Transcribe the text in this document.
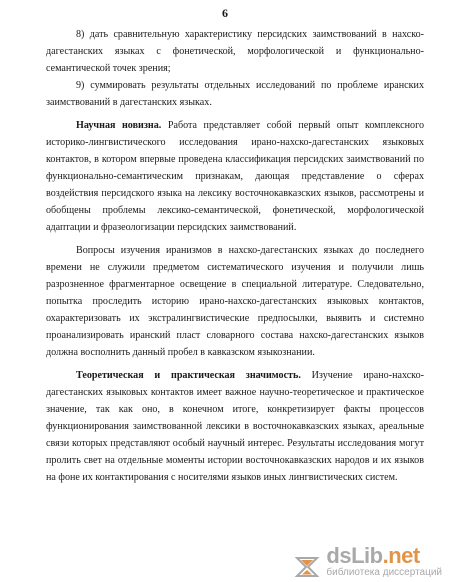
6

8) дать сравнительную характеристику персидских заимствований в нахско-дагестанских языках с фонетической, морфологической и функционально-семантической точек зрения;

9) суммировать результаты отдельных исследований по проблеме иранских заимствований в дагестанских языках.

Научная новизна. Работа представляет собой первый опыт комплексного историко-лингвистического исследования ирано-нахско-дагестанских языковых контактов, в котором впервые проведена классификация персидских заимствований по функционально-семантическим признакам, дающая представление о сферах воздействия персидского языка на лексику восточнокавказских языков, рассмотрены и обобщены проблемы лексико-семантической, фонетической, морфологической адаптации и фразеологизации персидских заимствований.

Вопросы изучения иранизмов в нахско-дагестанских языках до последнего времени не служили предметом систематического изучения и получили лишь разрозненное фрагментарное освещение в специальной литературе. Следовательно, попытка проследить историю ирано-нахско-дагестанских языковых контактов, охарактеризовать их экстралингвистические предпосылки, выявить и системно проанализировать иранский пласт словарного состава нахско-дагестанских языков должна восполнить данный пробел в кавказском языкознании.

Теоретическая и практическая значимость. Изучение ирано-нахско-дагестанских языковых контактов имеет важное научно-теоретическое и практическое значение, так как оно, в конечном итоге, конкретизирует факты процессов функционирования заимствованной лексики в восточнокавказских языках, ареальные связи которых представляют особый научный интерес. Результаты исследования могут пролить свет на отдельные моменты истории восточнокавказских народов и их языков на фоне их контактирования с носителями языков иных лингвистических систем.

dsLib.net
библиотека диссертаций
